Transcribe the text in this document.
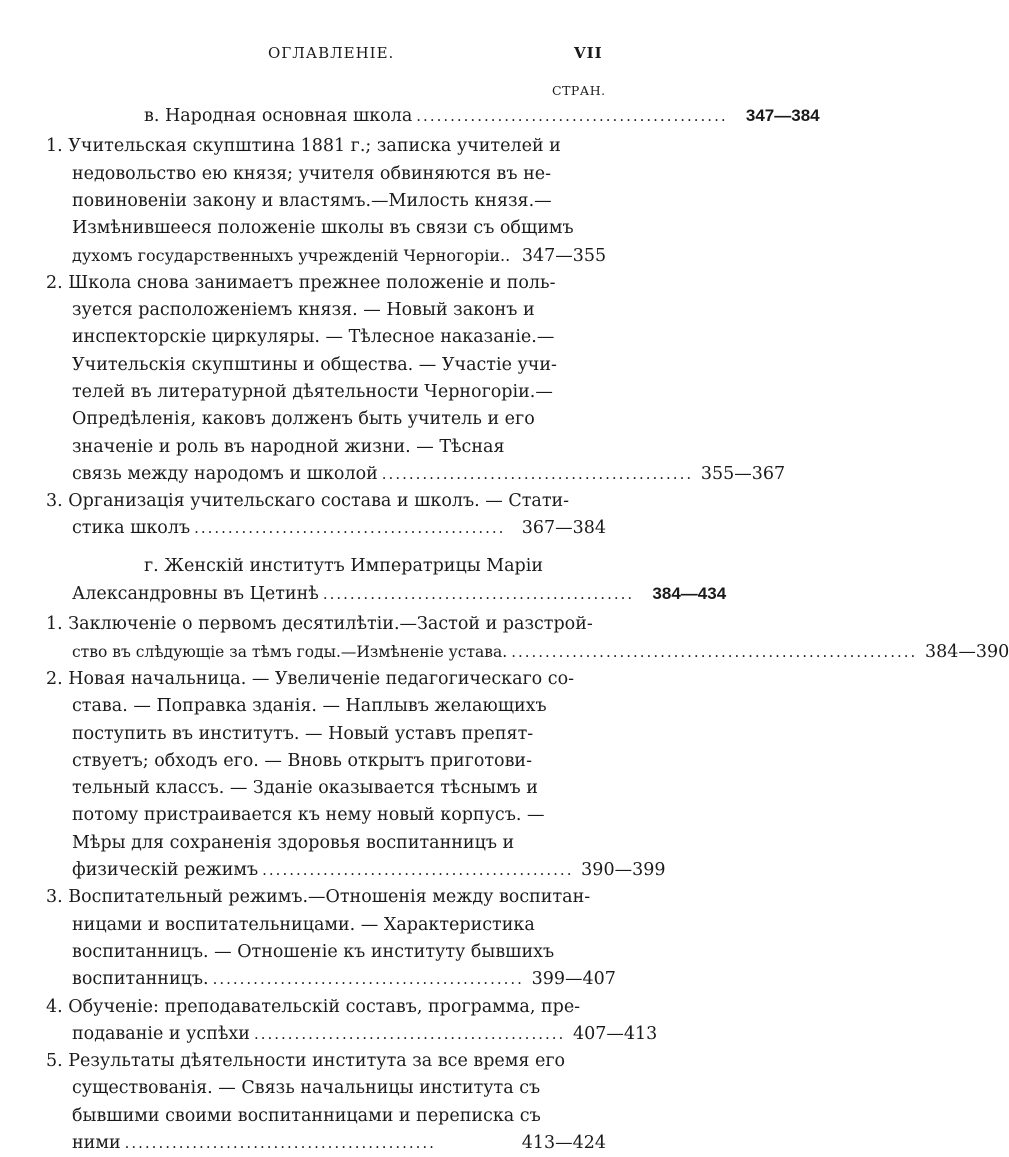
ОГЛАВЛЕНІЕ.	VII
СТРАН.
в. Народная основная школа ..............................................	347—384
1. Учительская скупштина 1881 г.; записка учителей и
недовольство ею князя; учителя обвиняются въ не-
повиновеніи закону и властямъ.—Милость князя.—
Измѣнившееся положеніе школы въ связи съ общимъ
духомъ государственныхъ учрежденій Черногоріи.. 347—355
2. Школа снова занимаетъ прежнее положеніе и поль-
зуется расположеніемъ князя. — Новый законъ и
инспекторскіе циркуляры. — Тѣлесное наказаніе.—
Учительскія скупштины и общества. — Участіе учи-
телей въ литературной дѣятельности Черногоріи.—
Опредѣленія, каковъ долженъ быть учитель и его
значеніе и роль въ народной жизни. — Тѣсная
связь между народомъ и школой .............................................. 355—367
3. Организація учительскаго состава и школъ. — Стати-
стика школъ .............................................. 367—384
г. Женскій институтъ Императрицы Маріи
Александровны въ Цетинѣ ..............................................	384—434
1. Заключеніе о первомъ десятилѣтіи.—Застой и разстрой-
ство въ слѣдующіе за тѣмъ годы.—Измѣненіе устава. ............................................................ 384—390
2. Новая начальница. — Увеличеніе педагогическаго со-
става. — Поправка зданія. — Наплывъ желающихъ
поступить въ институтъ. — Новый уставъ препят-
ствуетъ; обходъ его. — Вновь открытъ приготови-
тельный классъ. — Зданіе оказывается тѣснымъ и
потому пристраивается къ нему новый корпусъ. —
Мѣры для сохраненія здоровья воспитанницъ и
физическій режимъ .............................................. 390—399
3. Воспитательный режимъ.—Отношенія между воспитан-
ницами и воспитательницами. — Характеристика
воспитанницъ. — Отношеніе къ институту бывшихъ
воспитанницъ. .............................................. 399—407
4. Обученіе: преподавательскій составъ, программа, пре-
подаваніе и успѣхи .............................................. 407—413
5. Результаты дѣятельности института за все время его
существованія. — Связь начальницы института съ
бывшими своими воспитанницами и переписка съ
ними ..............................................	413—424
